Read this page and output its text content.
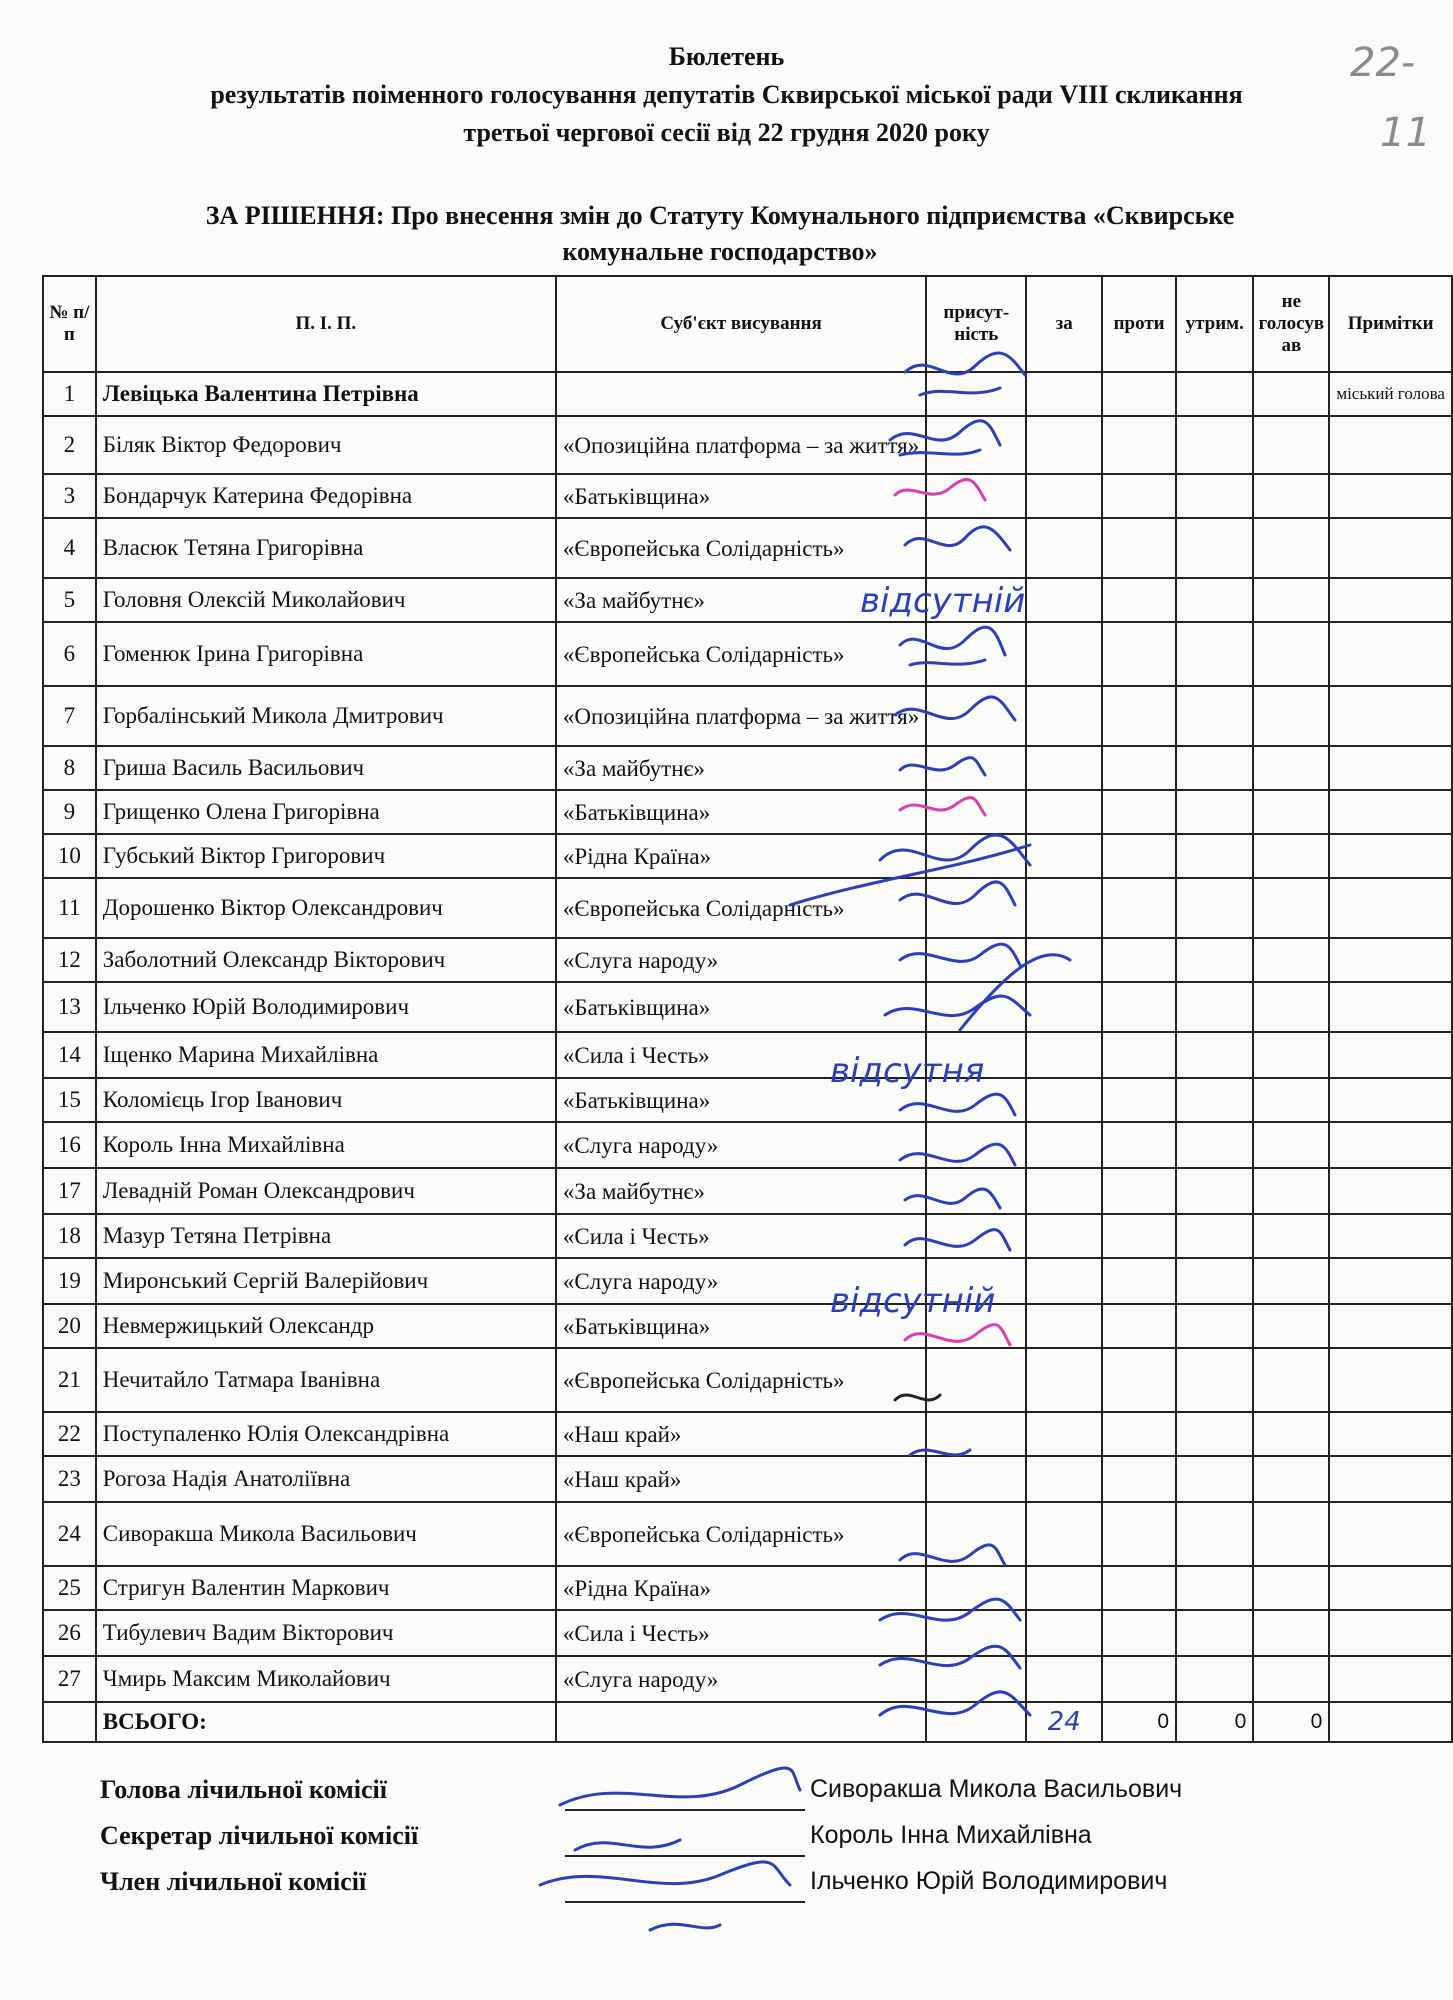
Бюлетень
результатів поіменного голосування депутатів Сквирської міської ради VIII скликання
третьої чергової сесії від 22 грудня 2020 року
22-
11
ЗА РІШЕННЯ: Про внесення змін до Статуту Комунального підприємства «Сквирське
комунальне господарство»
№ п/п	П. І. П.	Суб'єкт висування	присут-ність	за	проти	утрим.	не голосув ав	Примітки
1	Левіцька Валентина Петрівна							міський голова
2	Біляк Віктор Федорович	«Опозиційна платформа – за життя»						
3	Бондарчук Катерина Федорівна	«Батьківщина»						
4	Власюк Тетяна Григорівна	«Європейська Солідарність»						
5	Головня Олексій Миколайович	«За майбутнє»						
6	Гоменюк Ірина Григорівна	«Європейська Солідарність»						
7	Горбалінський Микола Дмитрович	«Опозиційна платформа – за життя»						
8	Гриша Василь Васильович	«За майбутнє»						
9	Грищенко Олена Григорівна	«Батьківщина»						
10	Губський Віктор Григорович	«Рідна Країна»						
11	Дорошенко Віктор Олександрович	«Європейська Солідарність»						
12	Заболотний Олександр Вікторович	«Слуга народу»						
13	Ільченко Юрій Володимирович	«Батьківщина»						
14	Іщенко Марина Михайлівна	«Сила і Честь»						
15	Коломієць Ігор Іванович	«Батьківщина»						
16	Король Інна Михайлівна	«Слуга народу»						
17	Левадній Роман Олександрович	«За майбутнє»						
18	Мазур Тетяна Петрівна	«Сила і Честь»						
19	Миронський Сергій Валерійович	«Слуга народу»						
20	Невмержицький Олександр	«Батьківщина»						
21	Нечитайло Татмара Іванівна	«Європейська Солідарність»						
22	Поступаленко Юлія Олександрівна	«Наш край»						
23	Рогоза Надія Анатоліївна	«Наш край»						
24	Сиворакша Микола Васильович	«Європейська Солідарність»						
25	Стригун Валентин Маркович	«Рідна Країна»						
26	Тибулевич Вадим Вікторович	«Сила і Честь»						
27	Чмирь Максим Миколайович	«Слуга народу»						
	ВСЬОГО:			24	0	0	0	
відсутній
відсутня
відсутній
Голова лічильної комісії	Сиворакша Микола Васильович
Секретар лічильної комісії	Король Інна Михайлівна
Член лічильної комісії	Ільченко Юрій Володимирович
